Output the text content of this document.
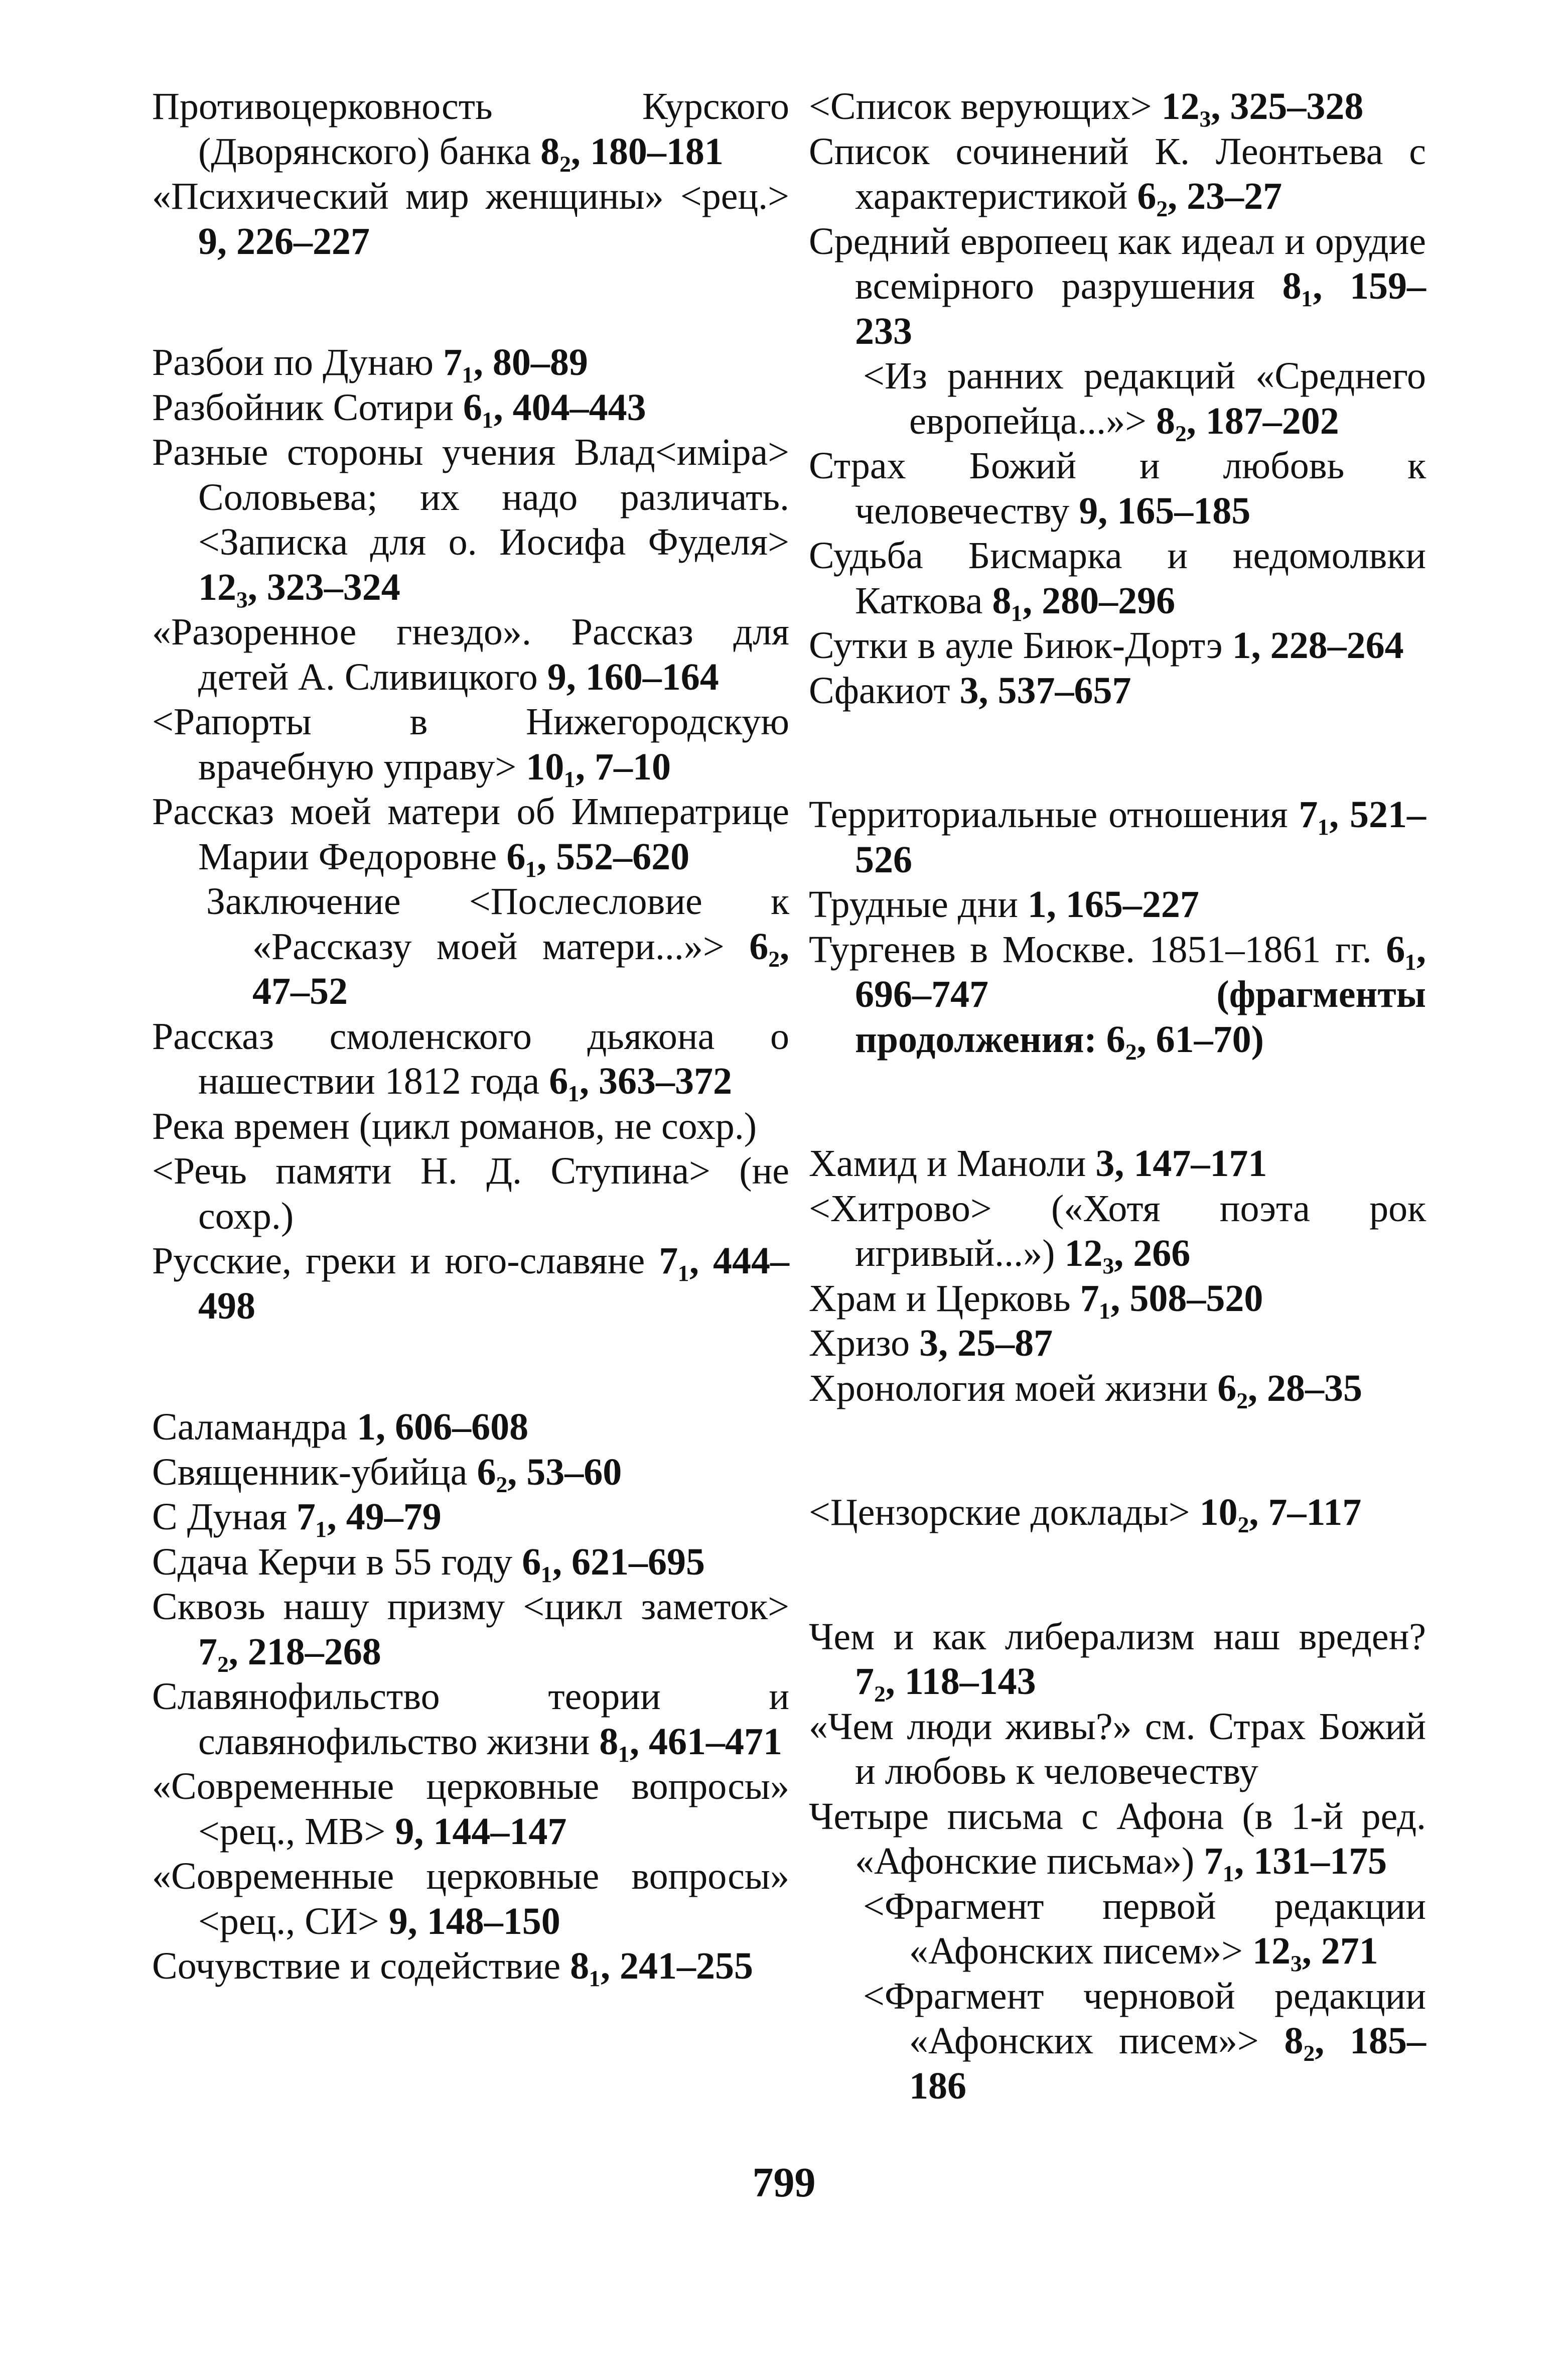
Противоцерковность Курского (Дворянского) банка 8₂, 180–181

«Психический мир женщины» <рец.> 9, 226–227

Разбои по Дунаю 7₁, 80–89

Разбойник Сотири 6₁, 404–443

Разные стороны учения Влад<имiра> Соловьева; их надо различать. <Записка для о. Иосифа Фуделя> 12₃, 323–324

«Разоренное гнездо». Рассказ для детей А. Сливицкого 9, 160–164

<Рапорты в Нижегородскую врачебную управу> 10₁, 7–10

Рассказ моей матери об Императрице Марии Федоровне 6₁, 552–620

Заключение <Послесловие к «Рассказу моей матери...»> 6₂, 47–52

Рассказ смоленского дьякона о нашествии 1812 года 6₁, 363–372

Река времен (цикл романов, не сохр.)

<Речь памяти Н. Д. Ступина> (не сохр.)

Русские, греки и юго-славяне 7₁, 444–498

Саламандра 1, 606–608

Священник-убийца 6₂, 53–60

С Дуная 7₁, 49–79

Сдача Керчи в 55 году 6₁, 621–695

Сквозь нашу призму <цикл заметок> 7₂, 218–268

Славянофильство теории и славянофильство жизни 8₁, 461–471

«Современные церковные вопросы» <рец., МВ> 9, 144–147

«Современные церковные вопросы» <рец., СИ> 9, 148–150

Сочувствие и содействие 8₁, 241–255

<Список верующих> 12₃, 325–328

Список сочинений К. Леонтьева с характеристикой 6₂, 23–27

Средний европеец как идеал и орудие всемiрного разрушения 8₁, 159–233

<Из ранних редакций «Среднего европейца...»> 8₂, 187–202

Страх Божий и любовь к человечеству 9, 165–185

Судьба Бисмарка и недомолвки Каткова 8₁, 280–296

Сутки в ауле Биюк-Дортэ 1, 228–264

Сфакиот 3, 537–657

Территориальные отношения 7₁, 521–526

Трудные дни 1, 165–227

Тургенев в Москве. 1851–1861 гг. 6₁, 696–747 (фрагменты продолжения: 6₂, 61–70)

Хамид и Маноли 3, 147–171

<Хитрово> («Хотя поэта рок игривый...») 12₃, 266

Храм и Церковь 7₁, 508–520

Хризо 3, 25–87

Хронология моей жизни 6₂, 28–35

<Цензорские доклады> 10₂, 7–117

Чем и как либерализм наш вреден? 7₂, 118–143

«Чем люди живы?» см. Страх Божий и любовь к человечеству

Четыре письма с Афона (в 1-й ред. «Афонские письма») 7₁, 131–175

<Фрагмент первой редакции «Афонских писем»> 12₃, 271

<Фрагмент черновой редакции «Афонских писем»> 8₂, 185–186

799
